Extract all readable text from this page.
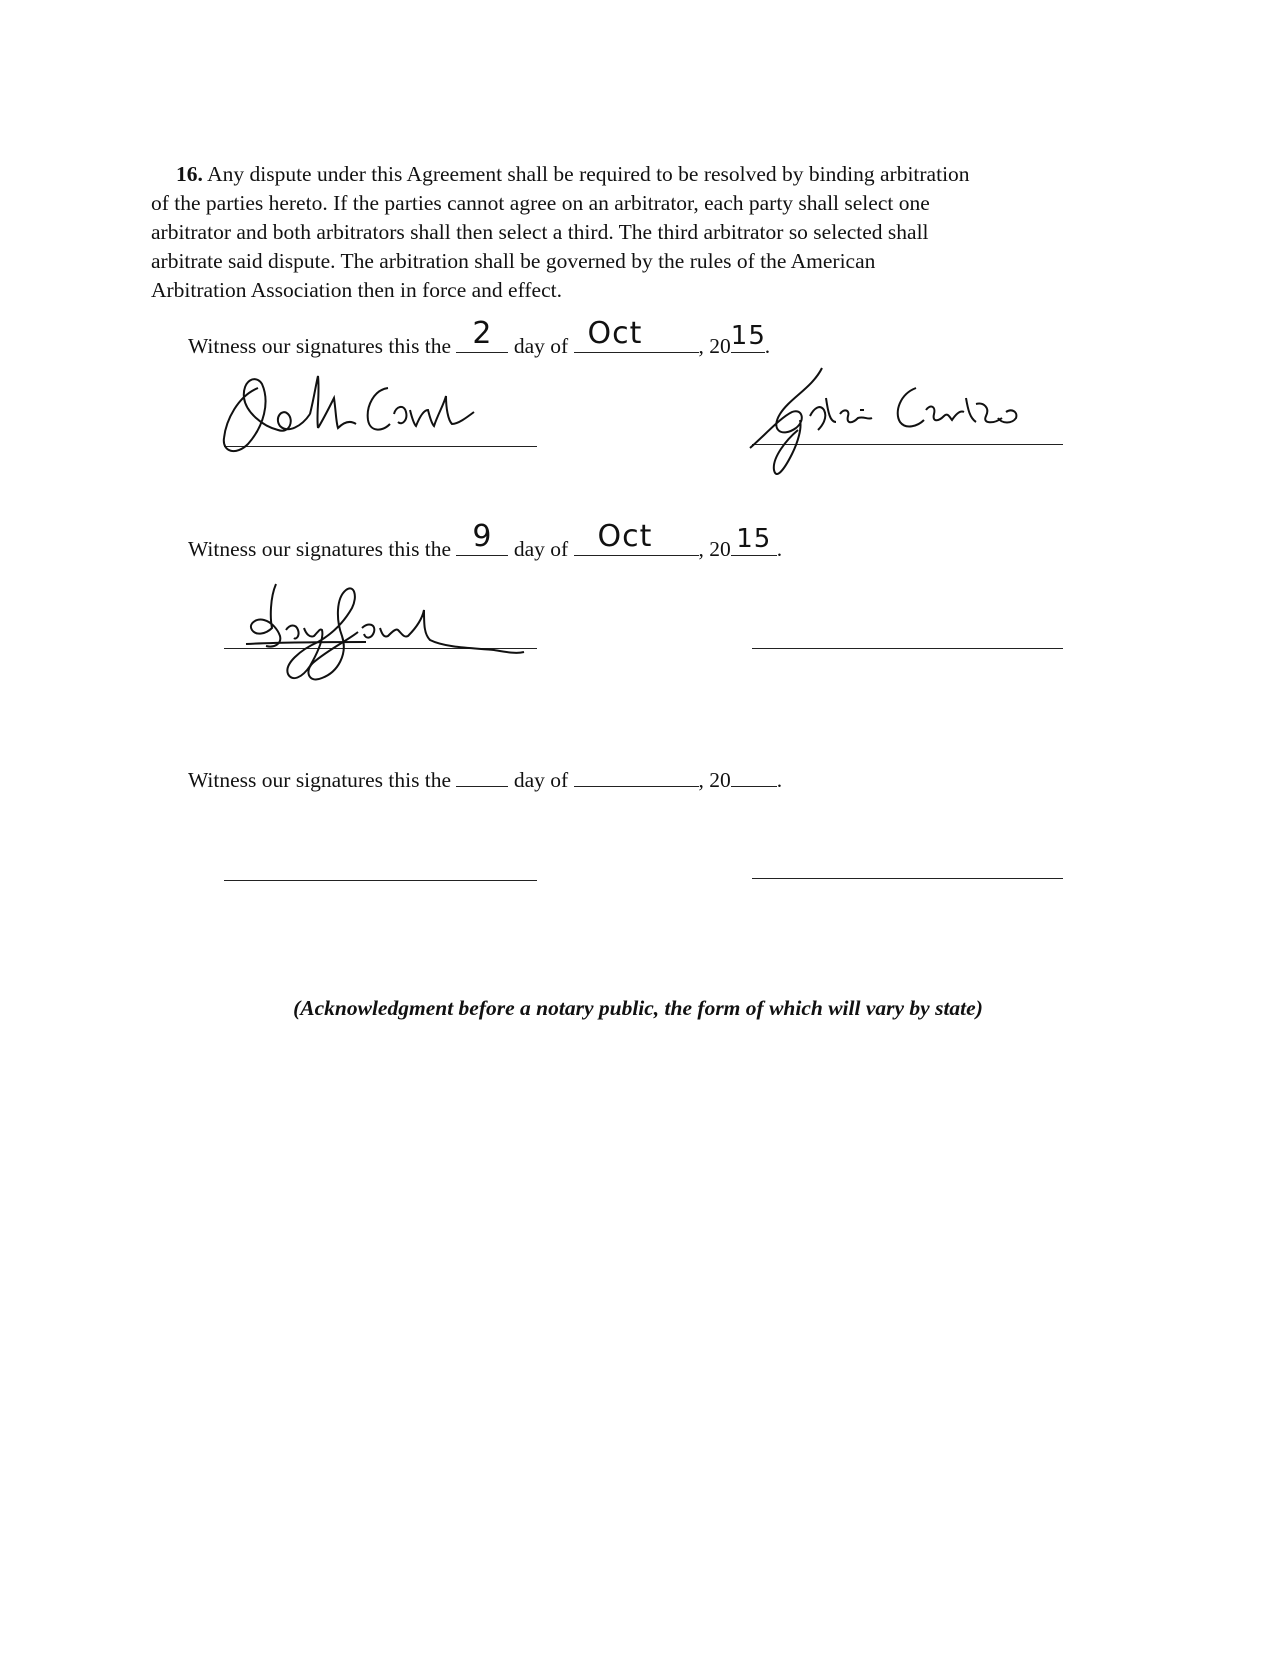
16. Any dispute under this Agreement shall be required to be resolved by binding arbitration
of the parties hereto. If the parties cannot agree on an arbitrator, each party shall select one
arbitrator and both arbitrators shall then select a third. The third arbitrator so selected shall
arbitrate said dispute. The arbitration shall be governed by the rules of the American
Arbitration Association then in force and effect.
Witness our signatures this the 2 day of Oct	, 20 15
.
Witness our signatures this the 9 day of Oct	, 20 15 .
Witness our signatures this the	day of	, 20 .
(Acknowledgment before a notary public, the form of which will vary by state)
